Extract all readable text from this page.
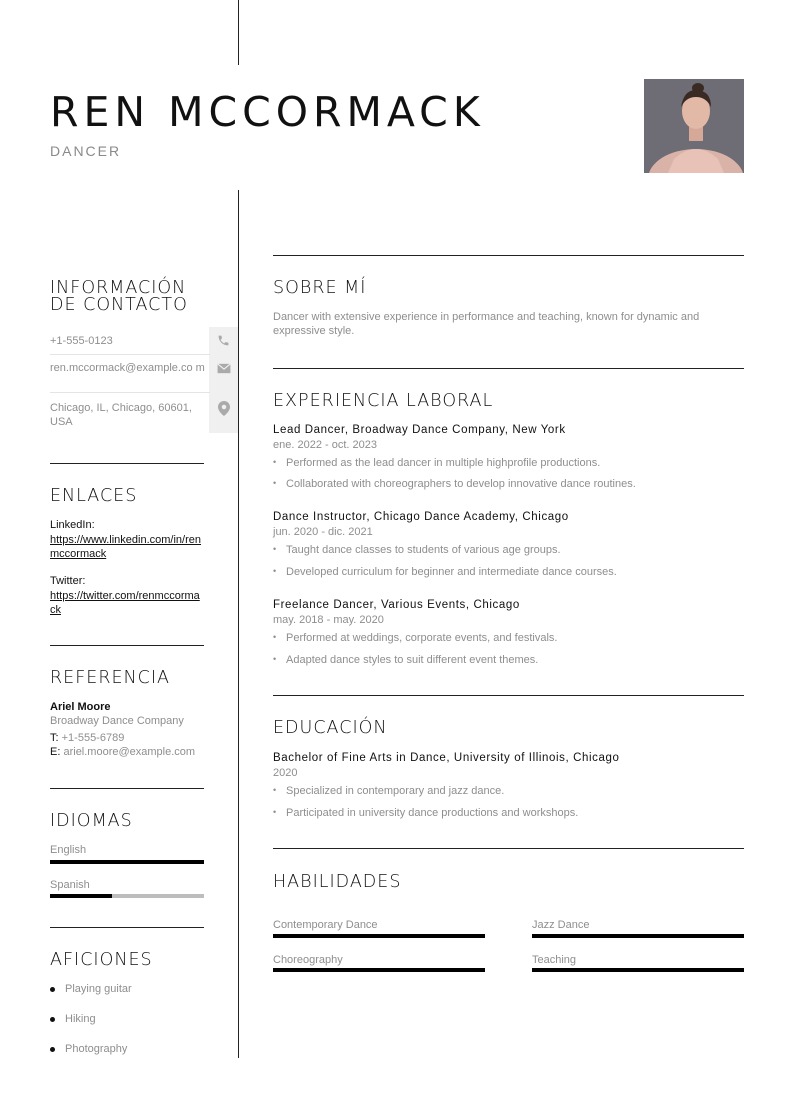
REN MCCORMACK
DANCER
INFORMACIÓN
DE CONTACTO
+1-555-0123
ren.mccormack@example.co m
Chicago, IL, Chicago, 60601, USA
ENLACES
LinkedIn:
https://www.linkedin.com/in/renmccormack
Twitter:
https://twitter.com/renmccormack
REFERENCIA
Ariel Moore
Broadway Dance Company
T: +1-555-6789
E: ariel.moore@example.com
IDIOMAS
English
Spanish
AFICIONES
Playing guitar
Hiking
Photography
SOBRE MÍ
Dancer with extensive experience in performance and teaching, known for dynamic and expressive style.
EXPERIENCIA LABORAL
Lead Dancer, Broadway Dance Company, New York
ene. 2022 - oct. 2023
• Performed as the lead dancer in multiple highprofile productions.
• Collaborated with choreographers to develop innovative dance routines.
Dance Instructor, Chicago Dance Academy, Chicago
jun. 2020 - dic. 2021
• Taught dance classes to students of various age groups.
• Developed curriculum for beginner and intermediate dance courses.
Freelance Dancer, Various Events, Chicago
may. 2018 - may. 2020
• Performed at weddings, corporate events, and festivals.
• Adapted dance styles to suit different event themes.
EDUCACIÓN
Bachelor of Fine Arts in Dance, University of Illinois, Chicago
2020
• Specialized in contemporary and jazz dance.
• Participated in university dance productions and workshops.
HABILIDADES
Contemporary Dance	Jazz Dance
Choreography	Teaching
